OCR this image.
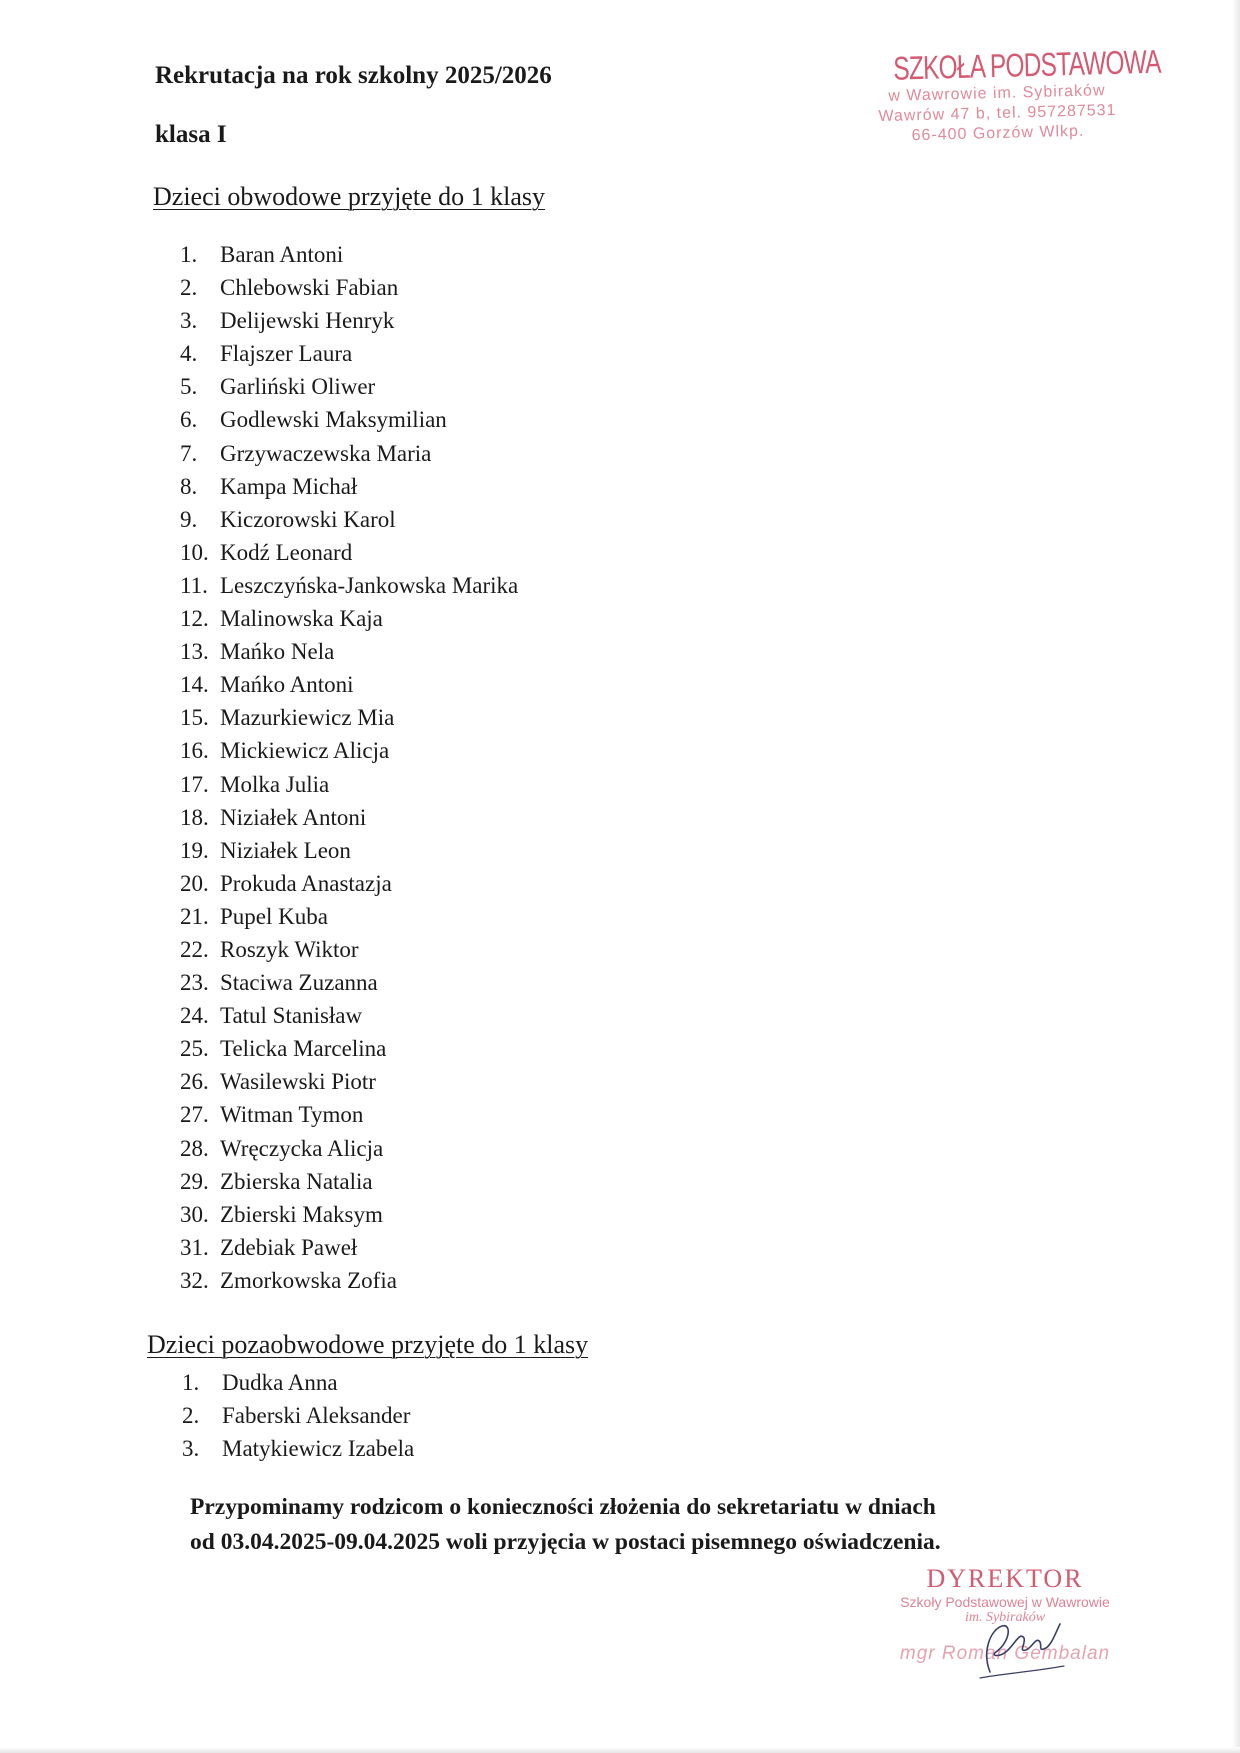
Rekrutacja na rok szkolny 2025/2026
klasa I
SZKOŁA PODSTAWOWA
w Wawrowie im. Sybiraków
Wawrów 47 b, tel. 957287531
66-400 Gorzów Wlkp.
Dzieci obwodowe przyjęte do 1 klasy
1. Baran Antoni
2. Chlebowski Fabian
3. Delijewski Henryk
4. Flajszer Laura
5. Garliński Oliwer
6. Godlewski Maksymilian
7. Grzywaczewska Maria
8. Kampa Michał
9. Kiczorowski Karol
10. Kodź Leonard
11. Leszczyńska-Jankowska Marika
12. Malinowska Kaja
13. Mańko Nela
14. Mańko Antoni
15. Mazurkiewicz Mia
16. Mickiewicz Alicja
17. Molka Julia
18. Niziałek Antoni
19. Niziałek Leon
20. Prokuda Anastazja
21. Pupel Kuba
22. Roszyk Wiktor
23. Staciwa Zuzanna
24. Tatul Stanisław
25. Telicka Marcelina
26. Wasilewski Piotr
27. Witman Tymon
28. Wręczycka Alicja
29. Zbierska Natalia
30. Zbierski Maksym
31. Zdebiak Paweł
32. Zmorkowska Zofia
Dzieci pozaobwodowe przyjęte do 1 klasy
1. Dudka Anna
2. Faberski Aleksander
3. Matykiewicz Izabela

Przypominamy rodzicom o konieczności złożenia do sekretariatu w dniach
od 03.04.2025-09.04.2025 woli przyjęcia w postaci pisemnego oświadczenia.

DYREKTOR
Szkoły Podstawowej w Wawrowie
im. Sybiraków
mgr Roman Gembalan
